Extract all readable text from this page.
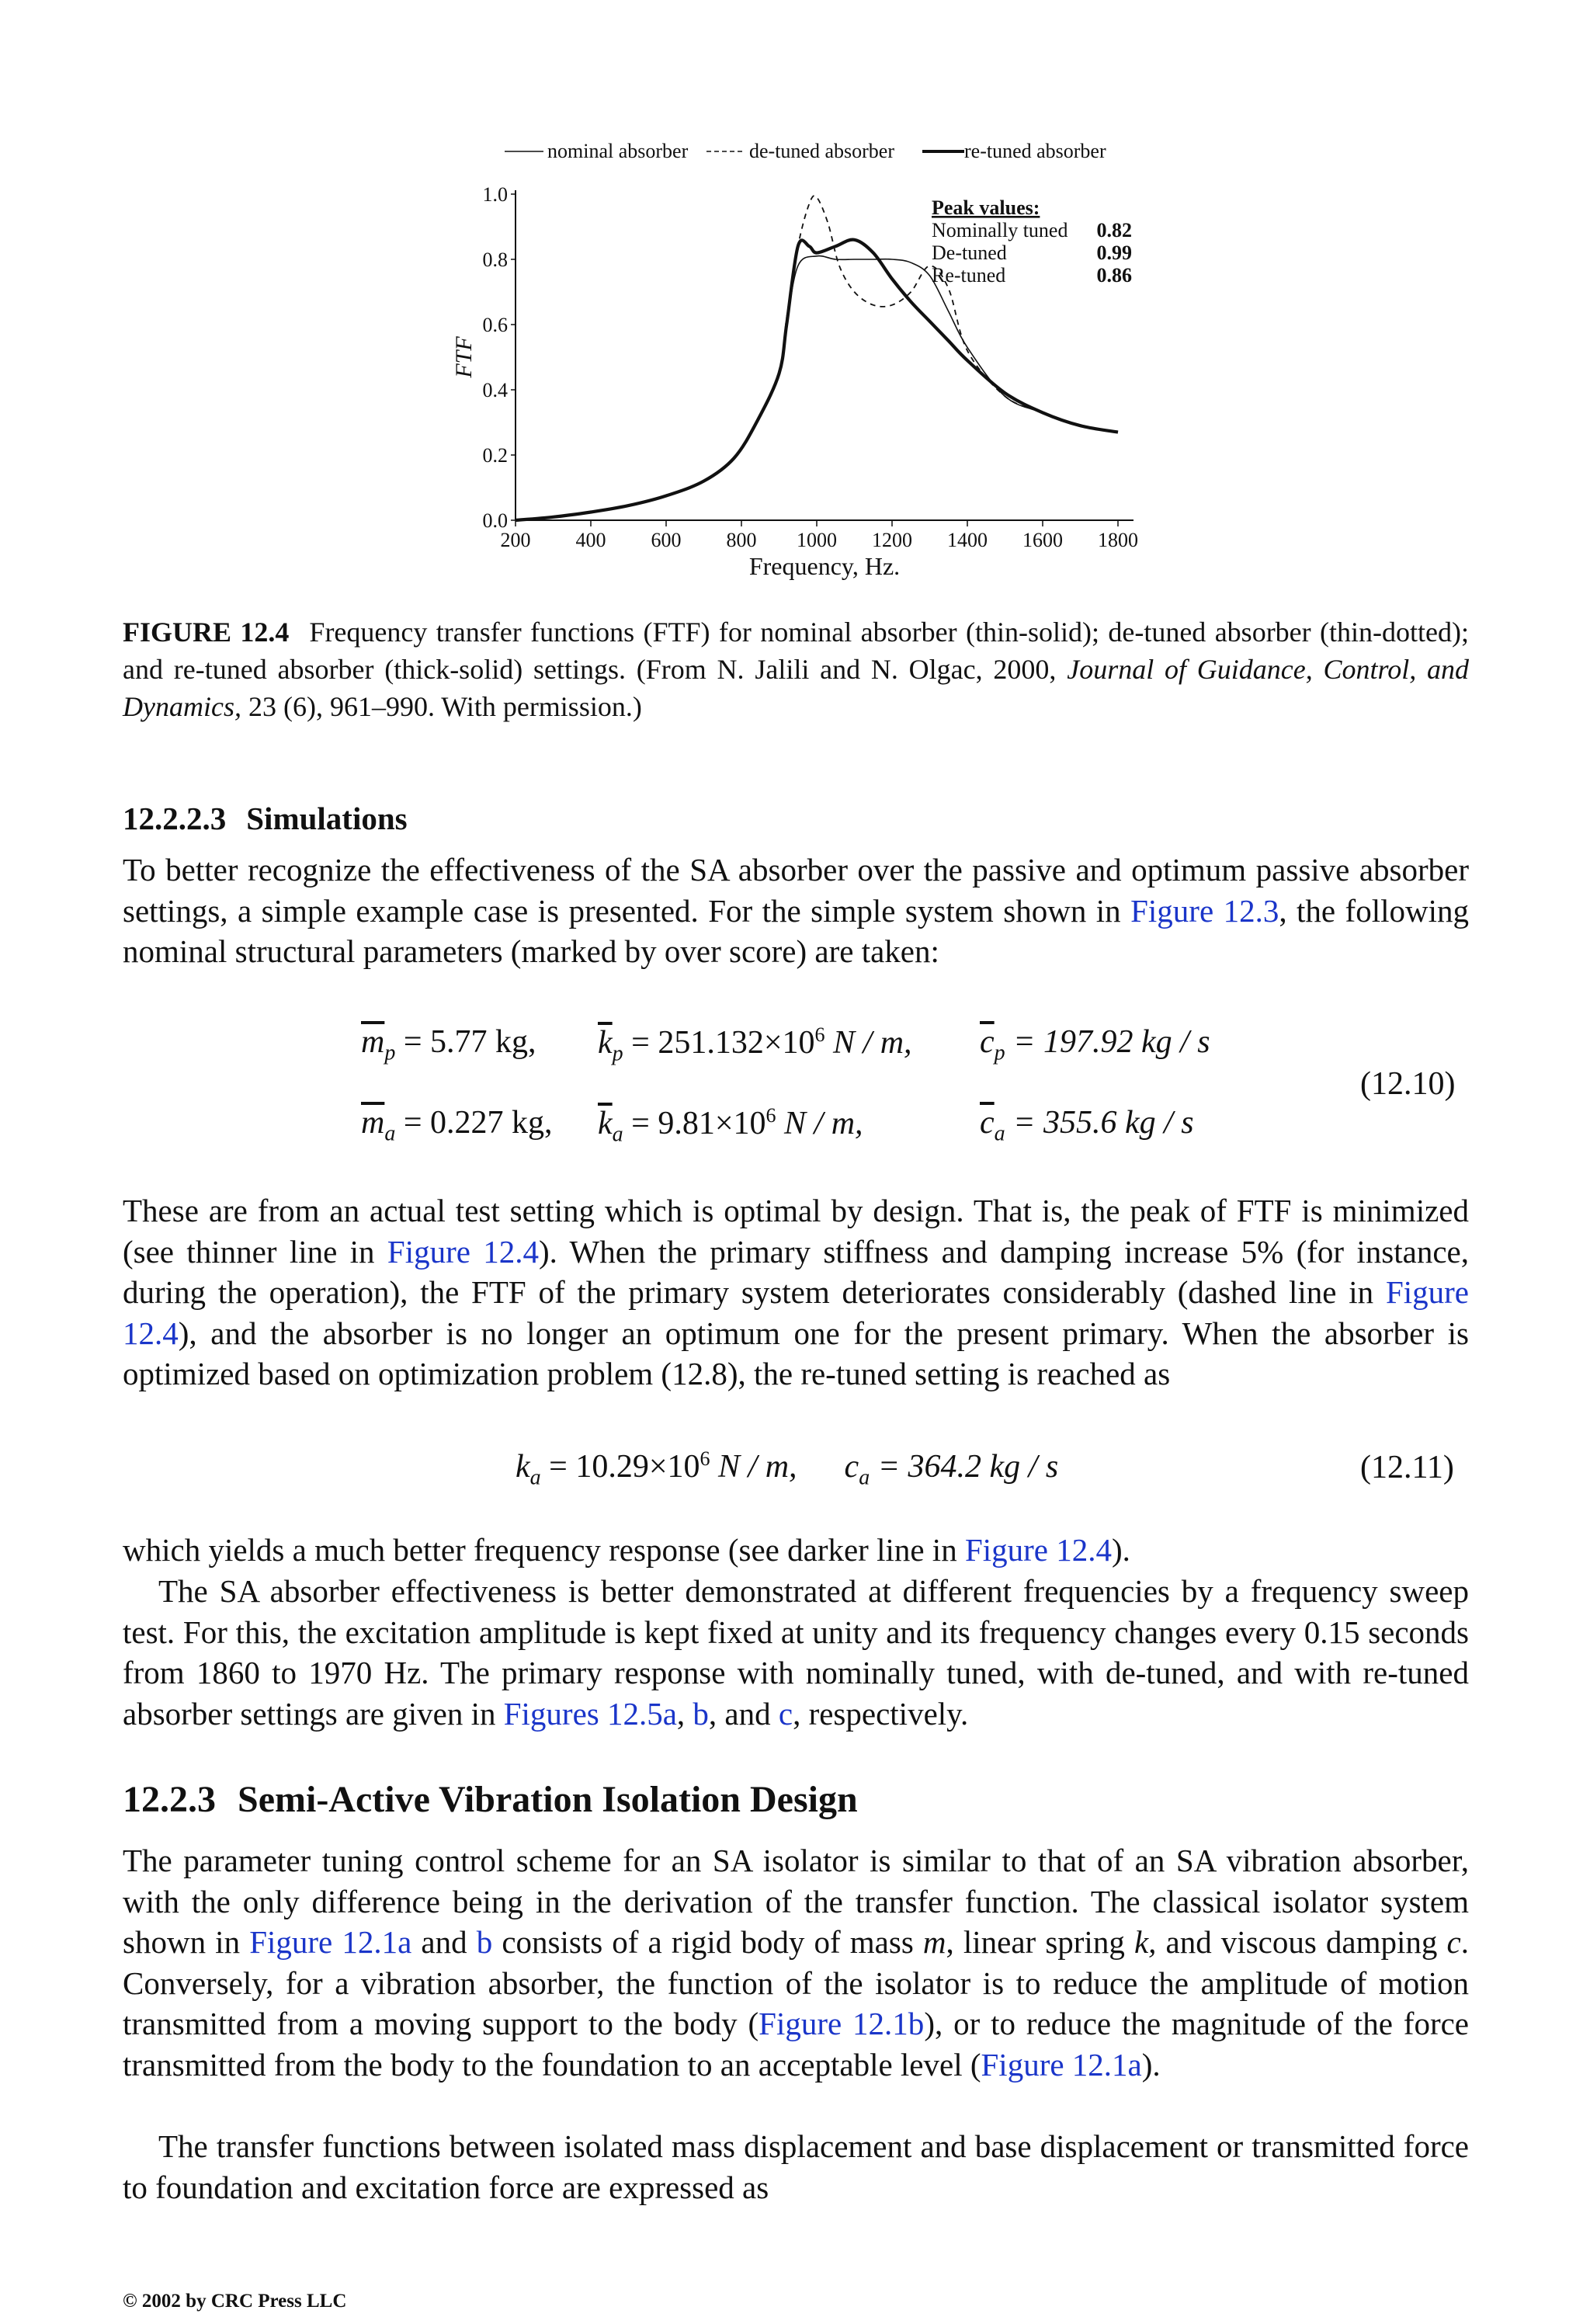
nominal absorber	de-tuned absorber	re-tuned absorber
200 400 600 800 1000 1200 1400 1600 1800
0.0
0.2
0.4
0.6
0.8
1.0
FTF
Frequency, Hz.
Peak values:
Nominally tuned 0.82
De-tuned	0.99
Re-tuned	0.86
FIGURE 12.4 Frequency transfer functions (FTF) for nominal absorber (thin-solid); de-tuned absorber (thin-dotted); and re-tuned absorber (thick-solid) settings. (From N. Jalili and N. Olgac, 2000, Journal of Guidance, Control, and Dynamics, 23 (6), 961–990. With permission.)
12.2.2.3 Simulations
To better recognize the effectiveness of the SA absorber over the passive and optimum passive absorber settings, a simple example case is presented. For the simple system shown in Figure 12.3, the following nominal structural parameters (marked by over score) are taken:
$\overline{m}_p = 5.77$ kg, $\overline{k}_p = 251.132\times 10^6$ N / m, $\overline{c}_p = 197.92$ kg / s
$\overline{m}_a = 0.227$ kg, $\overline{k}_a = 9.81\times 10^6$ N / m,	$\overline{c}_a = 355.6$ kg / s
(12.10)
These are from an actual test setting which is optimal by design. That is, the peak of FTF is minimized (see thinner line in Figure 12.4). When the primary stiffness and damping increase 5% (for instance, during the operation), the FTF of the primary system deteriorates considerably (dashed line in Figure 12.4), and the absorber is no longer an optimum one for the present primary. When the absorber is optimized based on optimization problem (12.8), the re-tuned setting is reached as
$k_a = 10.29\times 10^6$ N / m, $c_a = 364.2$ kg / s	(12.11)
which yields a much better frequency response (see darker line in Figure 12.4).
The SA absorber effectiveness is better demonstrated at different frequencies by a frequency sweep test. For this, the excitation amplitude is kept fixed at unity and its frequency changes every 0.15 seconds from 1860 to 1970 Hz. The primary response with nominally tuned, with de-tuned, and with re-tuned absorber settings are given in Figures 12.5a, b, and c, respectively.
12.2.3 Semi-Active Vibration Isolation Design
The parameter tuning control scheme for an SA isolator is similar to that of an SA vibration absorber, with the only difference being in the derivation of the transfer function. The classical isolator system shown in Figure 12.1a and b consists of a rigid body of mass m, linear spring k, and viscous damping c. Conversely, for a vibration absorber, the function of the isolator is to reduce the amplitude of motion transmitted from a moving support to the body (Figure 12.1b), or to reduce the magnitude of the force transmitted from the body to the foundation to an acceptable level (Figure 12.1a).
The transfer functions between isolated mass displacement and base displacement or transmitted force to foundation and excitation force are expressed as
© 2002 by CRC Press LLC
